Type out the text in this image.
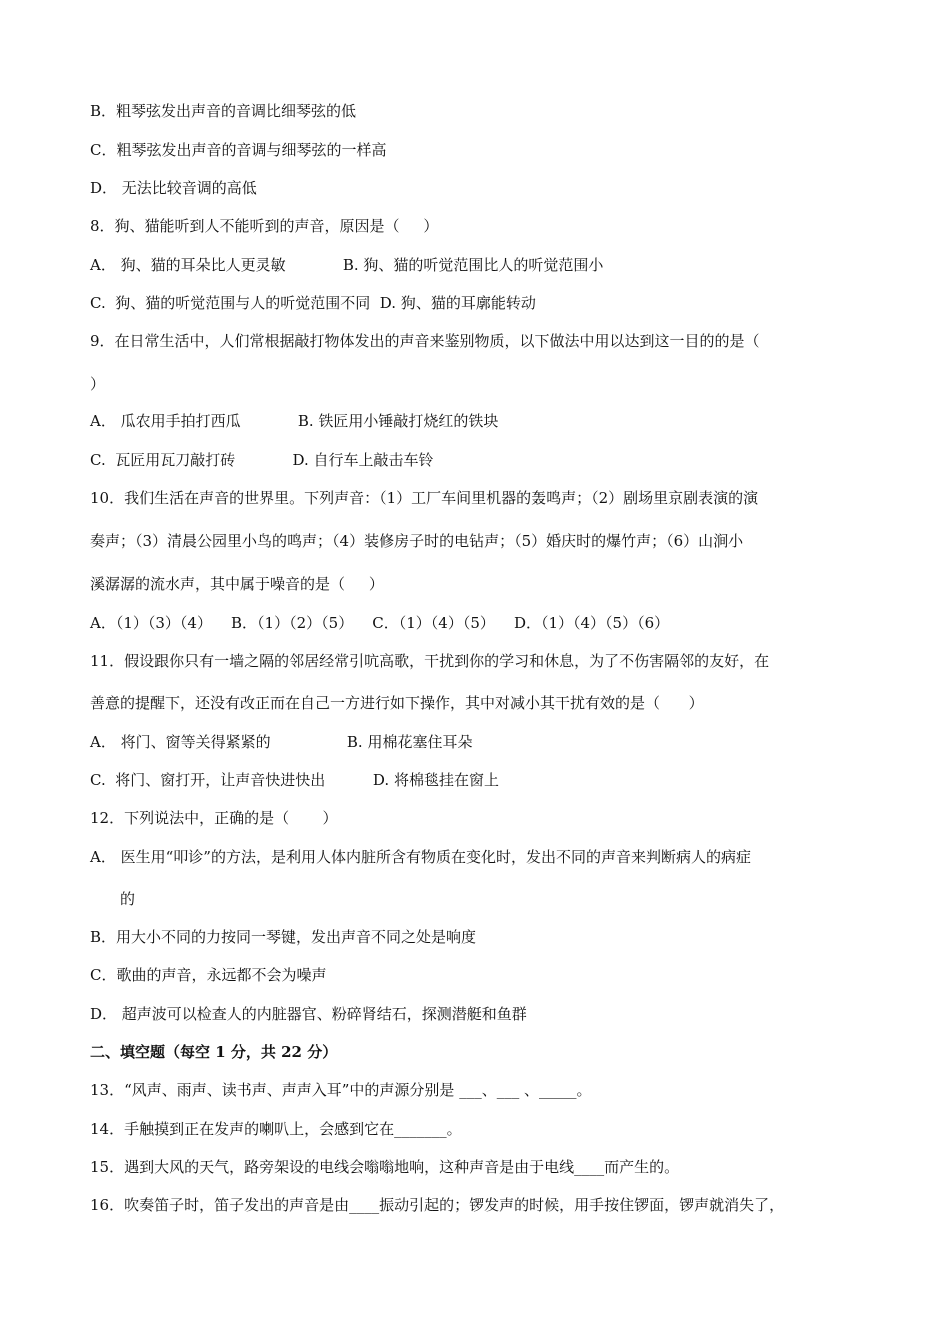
B．粗琴弦发出声音的音调比细琴弦的低
C．粗琴弦发出声音的音调与细琴弦的一样高
D． 无法比较音调的高低
8．狗、猫能听到人不能听到的声音，原因是（     ）
A． 狗、猫的耳朵比人更灵敏            B. 狗、猫的听觉范围比人的听觉范围小
C.  狗、猫的听觉范围与人的听觉范围不同  D. 狗、猫的耳廓能转动
9．在日常生活中，人们常根据敲打物体发出的声音来鉴别物质，以下做法中用以达到这一目的的是（
）
A． 瓜农用手拍打西瓜            B. 铁匠用小锤敲打烧红的铁块
C.  瓦匠用瓦刀敲打砖            D. 自行车上敲击车铃
10．我们生活在声音的世界里。下列声音：（1）工厂车间里机器的轰鸣声；（2）剧场里京剧表演的演
奏声；（3）清晨公园里小鸟的鸣声；（4）装修房子时的电钻声；（5）婚庆时的爆竹声；（6）山涧小
溪潺潺的流水声，其中属于噪音的是（     ）
A．（1）（3）（4）    B．（1）（2）（5）    C．（1）（4）（5）    D．（1）（4）（5）（6）
11．假设跟你只有一墙之隔的邻居经常引吭高歌，干扰到你的学习和休息，为了不伤害隔邻的友好，在
善意的提醒下，还没有改正而在自己一方进行如下操作，其中对减小其干扰有效的是（      ）
A． 将门、窗等关得紧紧的                B. 用棉花塞住耳朵
C.  将门、窗打开，让声音快进快出          D. 将棉毯挂在窗上
12．下列说法中，正确的是（       ）
A． 医生用“叩诊”的方法，是利用人体内脏所含有物质在变化时，发出不同的声音来判断病人的病症
的
B．用大小不同的力按同一琴键，发出声音不同之处是响度
C．歌曲的声音，永远都不会为噪声
D． 超声波可以检查人的内脏器官、粉碎肾结石，探测潜艇和鱼群
二、填空题（每空 1 分，共 22 分）
13．“风声、雨声、读书声、声声入耳”中的声源分别是 ___、___ 、_____。
14．手触摸到正在发声的喇叭上，会感到它在_______。
15．遇到大风的天气，路旁架设的电线会嗡嗡地响，这种声音是由于电线____而产生的。
16．吹奏笛子时，笛子发出的声音是由____振动引起的；锣发声的时候，用手按住锣面，锣声就消失了，
